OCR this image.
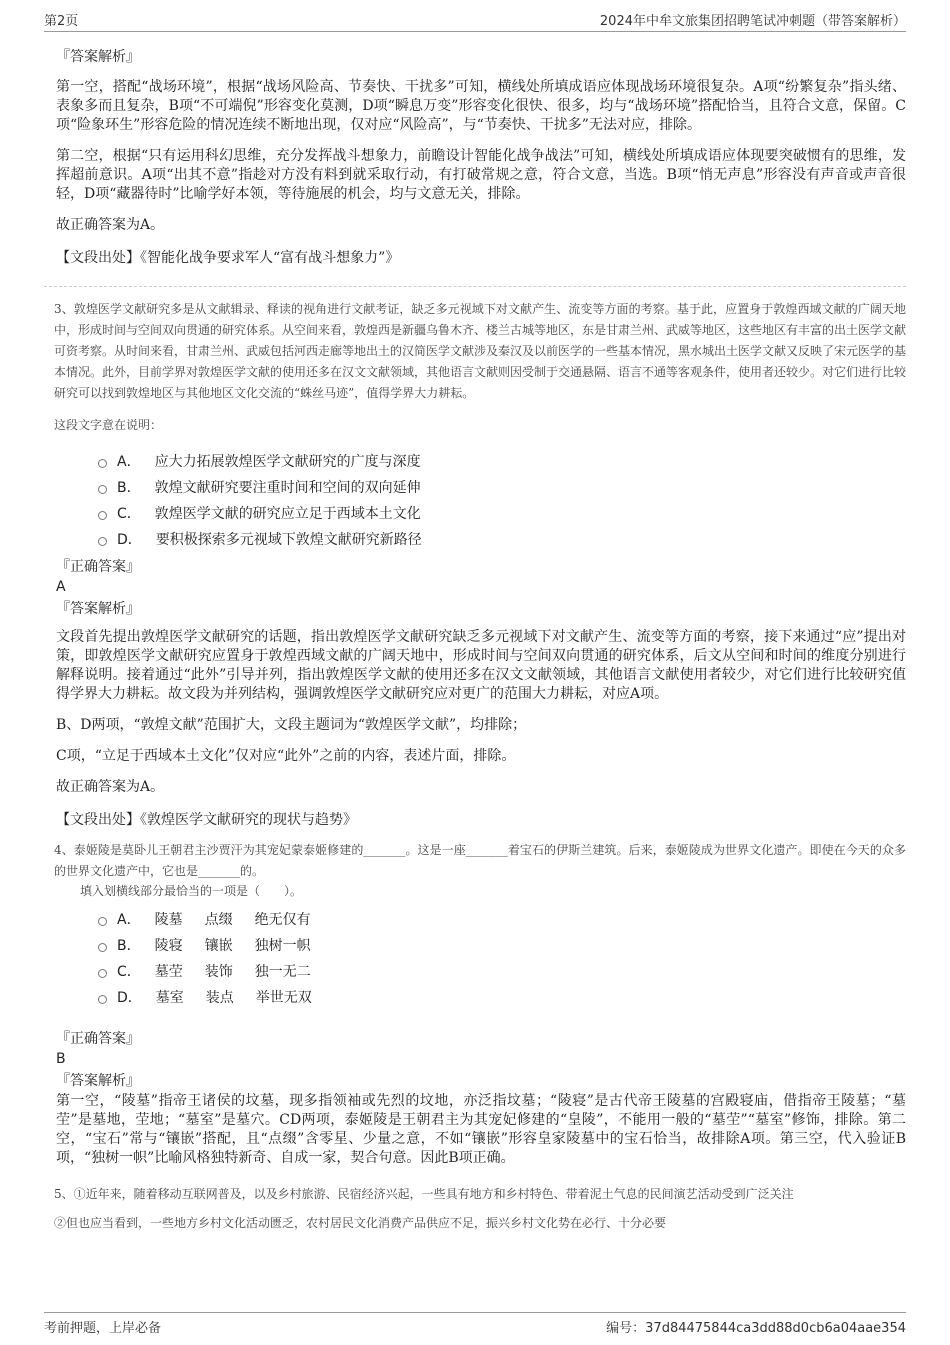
第2页	2024年中牟文旅集团招聘笔试冲刺题（带答案解析）
『答案解析』
第一空，搭配“战场环境”，根据“战场风险高、节奏快、干扰多”可知，横线处所填成语应体现战场环境很复杂。A项“纷繁复杂”指头绪、表象多而且复杂，B项“不可端倪”形容变化莫测，D项“瞬息万变”形容变化很快、很多，均与“战场环境”搭配恰当，且符合文意，保留。C项“险象环生”形容危险的情况连续不断地出现，仅对应“风险高”，与“节奏快、干扰多”无法对应，排除。
第二空，根据“只有运用科幻思维，充分发挥战斗想象力，前瞻设计智能化战争战法”可知，横线处所填成语应体现要突破惯有的思维，发挥超前意识。A项“出其不意”指趁对方没有料到就采取行动，有打破常规之意，符合文意，当选。B项“悄无声息”形容没有声音或声音很轻，D项“藏器待时”比喻学好本领，等待施展的机会，均与文意无关，排除。
故正确答案为A。
【文段出处】《智能化战争要求军人“富有战斗想象力”》
3、敦煌医学文献研究多是从文献辑录、释读的视角进行文献考证，缺乏多元视域下对文献产生、流变等方面的考察。基于此，应置身于敦煌西域文献的广阔天地中，形成时间与空间双向贯通的研究体系。从空间来看，敦煌西是新疆乌鲁木齐、楼兰古城等地区，东是甘肃兰州、武威等地区，这些地区有丰富的出土医学文献可资考察。从时间来看，甘肃兰州、武威包括河西走廊等地出土的汉简医学文献涉及秦汉及以前医学的一些基本情况，黑水城出土医学文献又反映了宋元医学的基本情况。此外，目前学界对敦煌医学文献的使用还多在汉文文献领域，其他语言文献则因受制于交通悬隔、语言不通等客观条件，使用者还较少。对它们进行比较研究可以找到敦煌地区与其他地区文化交流的“蛛丝马迹”，值得学界大力耕耘。
这段文字意在说明：
A． 应大力拓展敦煌医学文献研究的广度与深度
B． 敦煌文献研究要注重时间和空间的双向延伸
C． 敦煌医学文献的研究应立足于西域本土文化
D． 要积极探索多元视域下敦煌文献研究新路径
『正确答案』
A
『答案解析』
文段首先提出敦煌医学文献研究的话题，指出敦煌医学文献研究缺乏多元视域下对文献产生、流变等方面的考察，接下来通过“应”提出对策，即敦煌医学文献研究应置身于敦煌西域文献的广阔天地中，形成时间与空间双向贯通的研究体系，后文从空间和时间的维度分别进行解释说明。接着通过“此外”引导并列，指出敦煌医学文献的使用还多在汉文文献领域，其他语言文献使用者较少，对它们进行比较研究值得学界大力耕耘。故文段为并列结构，强调敦煌医学文献研究应对更广的范围大力耕耘，对应A项。
B、D两项，“敦煌文献”范围扩大，文段主题词为“敦煌医学文献”，均排除；
C项，“立足于西域本土文化”仅对应“此外”之前的内容，表述片面，排除。
故正确答案为A。
【文段出处】《敦煌医学文献研究的现状与趋势》
4、泰姬陵是莫卧儿王朝君主沙贾汗为其宠妃蒙泰姬修建的_______。这是一座_______着宝石的伊斯兰建筑。后来，泰姬陵成为世界文化遗产。即使在今天的众多的世界文化遗产中，它也是_______的。
填入划横线部分最恰当的一项是（　　）。
A． 陵墓 点缀 绝无仅有
B． 陵寝 镶嵌 独树一帜
C． 墓茔 装饰 独一无二
D． 墓室 装点 举世无双
『正确答案』
B
『答案解析』
第一空，“陵墓”指帝王诸侯的坟墓，现多指领袖或先烈的坟地，亦泛指坟墓；“陵寝”是古代帝王陵墓的宫殿寝庙，借指帝王陵墓；“墓茔”是墓地，茔地；“墓室”是墓穴。CD两项，泰姬陵是王朝君主为其宠妃修建的“皇陵”，不能用一般的“墓茔”“墓室”修饰，排除。第二空，“宝石”常与“镶嵌”搭配，且“点缀”含零星、少量之意，不如“镶嵌”形容皇家陵墓中的宝石恰当，故排除A项。第三空，代入验证B项，“独树一帜”比喻风格独特新奇、自成一家，契合句意。因此B项正确。
5、①近年来，随着移动互联网普及，以及乡村旅游、民宿经济兴起，一些具有地方和乡村特色、带着泥土气息的民间演艺活动受到广泛关注
②但也应当看到，一些地方乡村文化活动匮乏，农村居民文化消费产品供应不足，振兴乡村文化势在必行、十分必要
考前押题，上岸必备	编号：37d84475844ca3dd88d0cb6a04aae354
